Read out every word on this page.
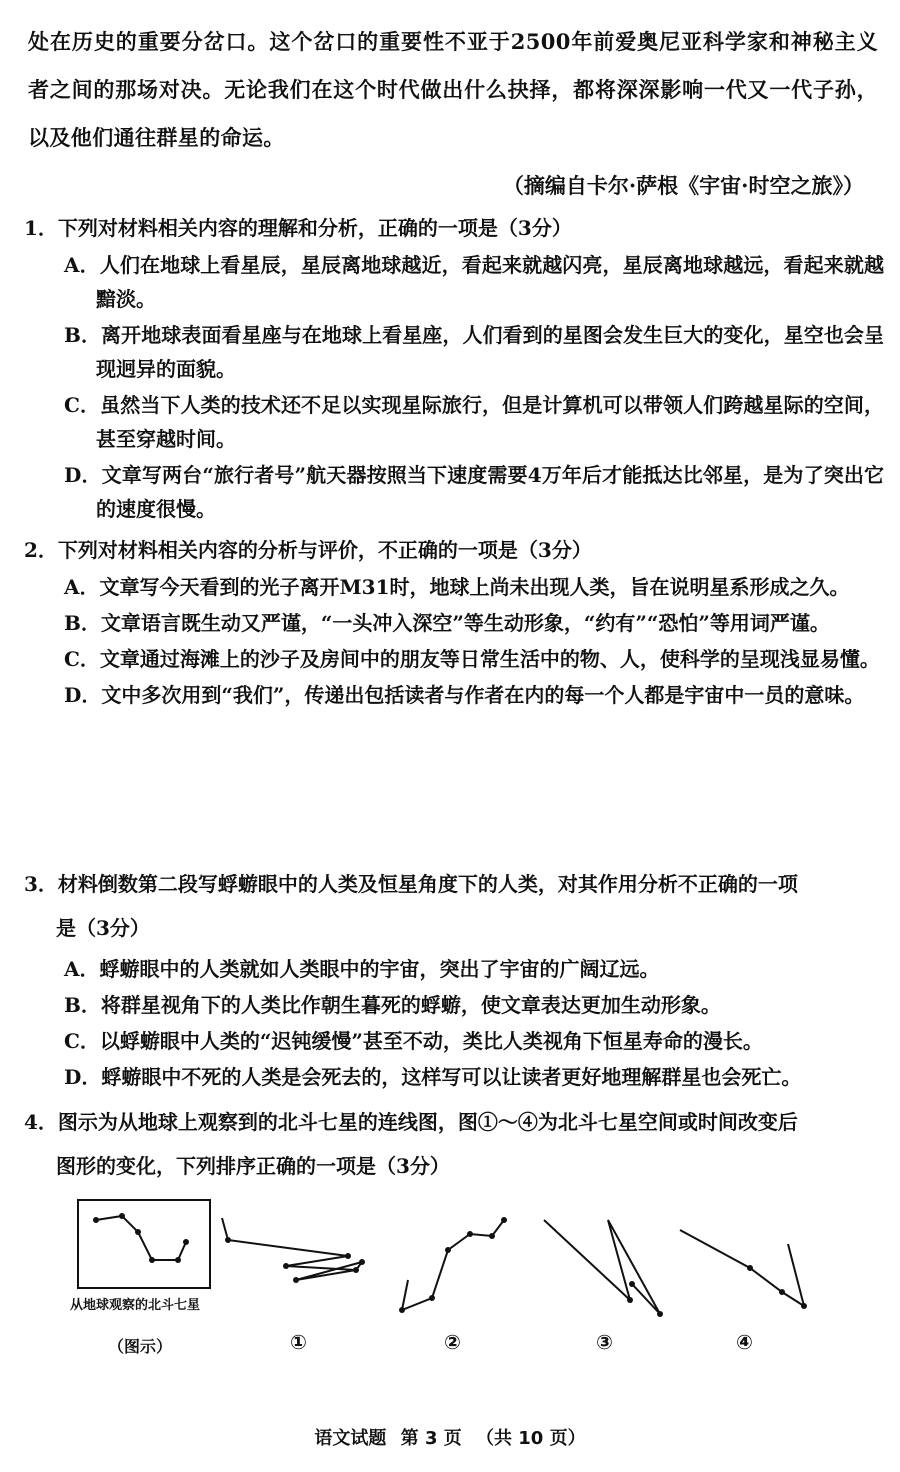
处在历史的重要分岔口。这个岔口的重要性不亚于2500年前爱奥尼亚科学家和神秘主义者之间的那场对决。无论我们在这个时代做出什么抉择，都将深深影响一代又一代子孙，以及他们通往群星的命运。
（摘编自卡尔·萨根《宇宙·时空之旅》）
1．下列对材料相关内容的理解和分析，正确的一项是（3分）
A．人们在地球上看星辰，星辰离地球越近，看起来就越闪亮，星辰离地球越远，看起来就越黯淡。
B．离开地球表面看星座与在地球上看星座，人们看到的星图会发生巨大的变化，星空也会呈现迥异的面貌。
C．虽然当下人类的技术还不足以实现星际旅行，但是计算机可以带领人们跨越星际的空间，甚至穿越时间。
D．文章写两台“旅行者号”航天器按照当下速度需要4万年后才能抵达比邻星，是为了突出它的速度很慢。
2．下列对材料相关内容的分析与评价，不正确的一项是（3分）
A．文章写今天看到的光子离开M31时，地球上尚未出现人类，旨在说明星系形成之久。
B．文章语言既生动又严谨，“一头冲入深空”等生动形象，“约有”“恐怕”等用词严谨。
C．文章通过海滩上的沙子及房间中的朋友等日常生活中的物、人，使科学的呈现浅显易懂。
D．文中多次用到“我们”，传递出包括读者与作者在内的每一个人都是宇宙中一员的意味。
3．材料倒数第二段写蜉蝣眼中的人类及恒星角度下的人类，对其作用分析不正确的一项
是（3分）
A．蜉蝣眼中的人类就如人类眼中的宇宙，突出了宇宙的广阔辽远。
B．将群星视角下的人类比作朝生暮死的蜉蝣，使文章表达更加生动形象。
C．以蜉蝣眼中人类的“迟钝缓慢”甚至不动，类比人类视角下恒星寿命的漫长。
D．蜉蝣眼中不死的人类是会死去的，这样写可以让读者更好地理解群星也会死亡。
4．图示为从地球上观察到的北斗七星的连线图，图①～④为北斗七星空间或时间改变后
图形的变化，下列排序正确的一项是（3分）
从地球观察的北斗七星
（图示）	①	②	③	④
语文试题 第 3 页 （共 10 页）
